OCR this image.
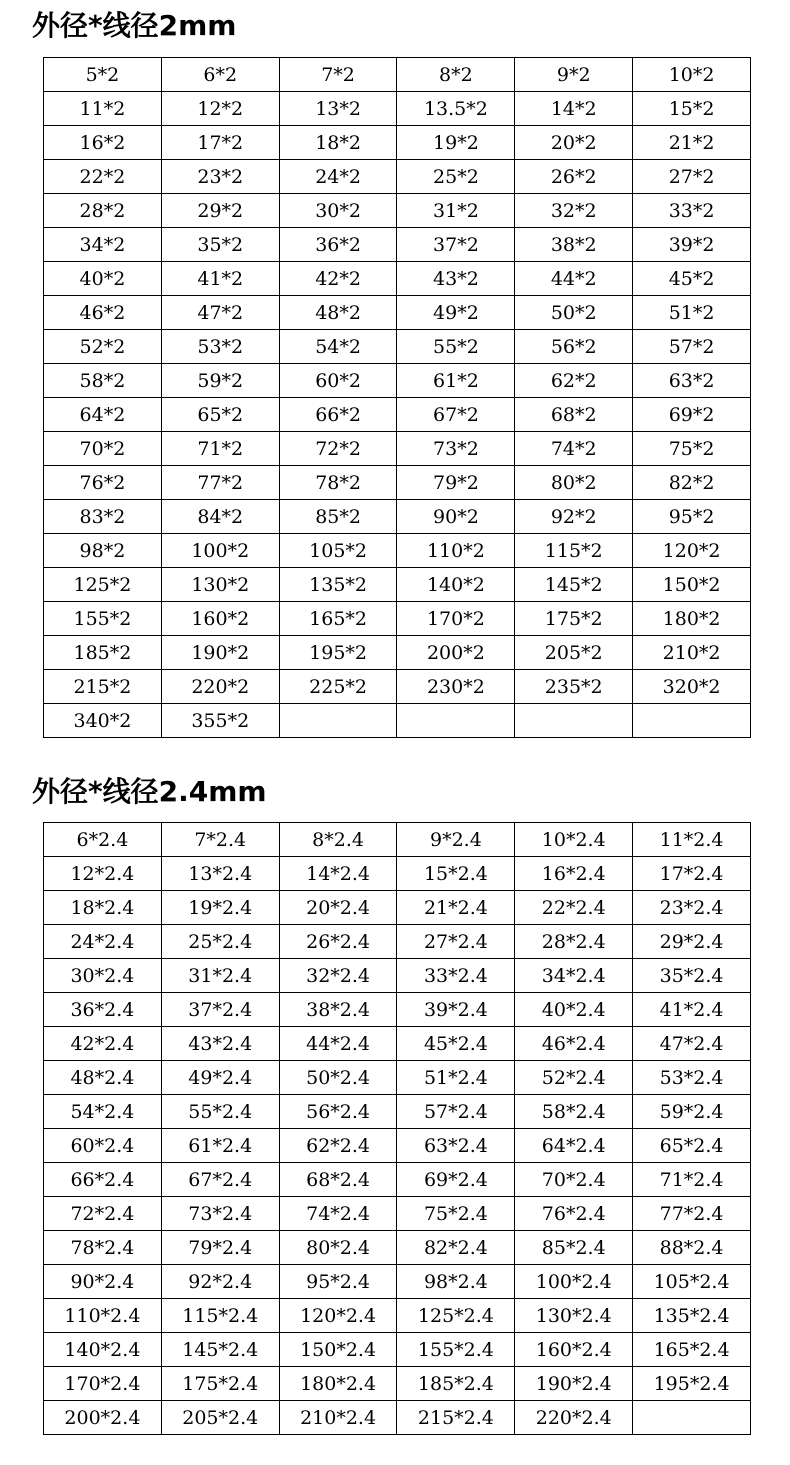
外径*线径2mm
5*2	6*2	7*2	8*2	9*2	10*2
11*2	12*2	13*2	13.5*2	14*2	15*2
16*2	17*2	18*2	19*2	20*2	21*2
22*2	23*2	24*2	25*2	26*2	27*2
28*2	29*2	30*2	31*2	32*2	33*2
34*2	35*2	36*2	37*2	38*2	39*2
40*2	41*2	42*2	43*2	44*2	45*2
46*2	47*2	48*2	49*2	50*2	51*2
52*2	53*2	54*2	55*2	56*2	57*2
58*2	59*2	60*2	61*2	62*2	63*2
64*2	65*2	66*2	67*2	68*2	69*2
70*2	71*2	72*2	73*2	74*2	75*2
76*2	77*2	78*2	79*2	80*2	82*2
83*2	84*2	85*2	90*2	92*2	95*2
98*2	100*2	105*2	110*2	115*2	120*2
125*2	130*2	135*2	140*2	145*2	150*2
155*2	160*2	165*2	170*2	175*2	180*2
185*2	190*2	195*2	200*2	205*2	210*2
215*2	220*2	225*2	230*2	235*2	320*2
340*2	355*2				
外径*线径2.4mm
6*2.4	7*2.4	8*2.4	9*2.4	10*2.4	11*2.4
12*2.4	13*2.4	14*2.4	15*2.4	16*2.4	17*2.4
18*2.4	19*2.4	20*2.4	21*2.4	22*2.4	23*2.4
24*2.4	25*2.4	26*2.4	27*2.4	28*2.4	29*2.4
30*2.4	31*2.4	32*2.4	33*2.4	34*2.4	35*2.4
36*2.4	37*2.4	38*2.4	39*2.4	40*2.4	41*2.4
42*2.4	43*2.4	44*2.4	45*2.4	46*2.4	47*2.4
48*2.4	49*2.4	50*2.4	51*2.4	52*2.4	53*2.4
54*2.4	55*2.4	56*2.4	57*2.4	58*2.4	59*2.4
60*2.4	61*2.4	62*2.4	63*2.4	64*2.4	65*2.4
66*2.4	67*2.4	68*2.4	69*2.4	70*2.4	71*2.4
72*2.4	73*2.4	74*2.4	75*2.4	76*2.4	77*2.4
78*2.4	79*2.4	80*2.4	82*2.4	85*2.4	88*2.4
90*2.4	92*2.4	95*2.4	98*2.4	100*2.4	105*2.4
110*2.4	115*2.4	120*2.4	125*2.4	130*2.4	135*2.4
140*2.4	145*2.4	150*2.4	155*2.4	160*2.4	165*2.4
170*2.4	175*2.4	180*2.4	185*2.4	190*2.4	195*2.4
200*2.4	205*2.4	210*2.4	215*2.4	220*2.4	
